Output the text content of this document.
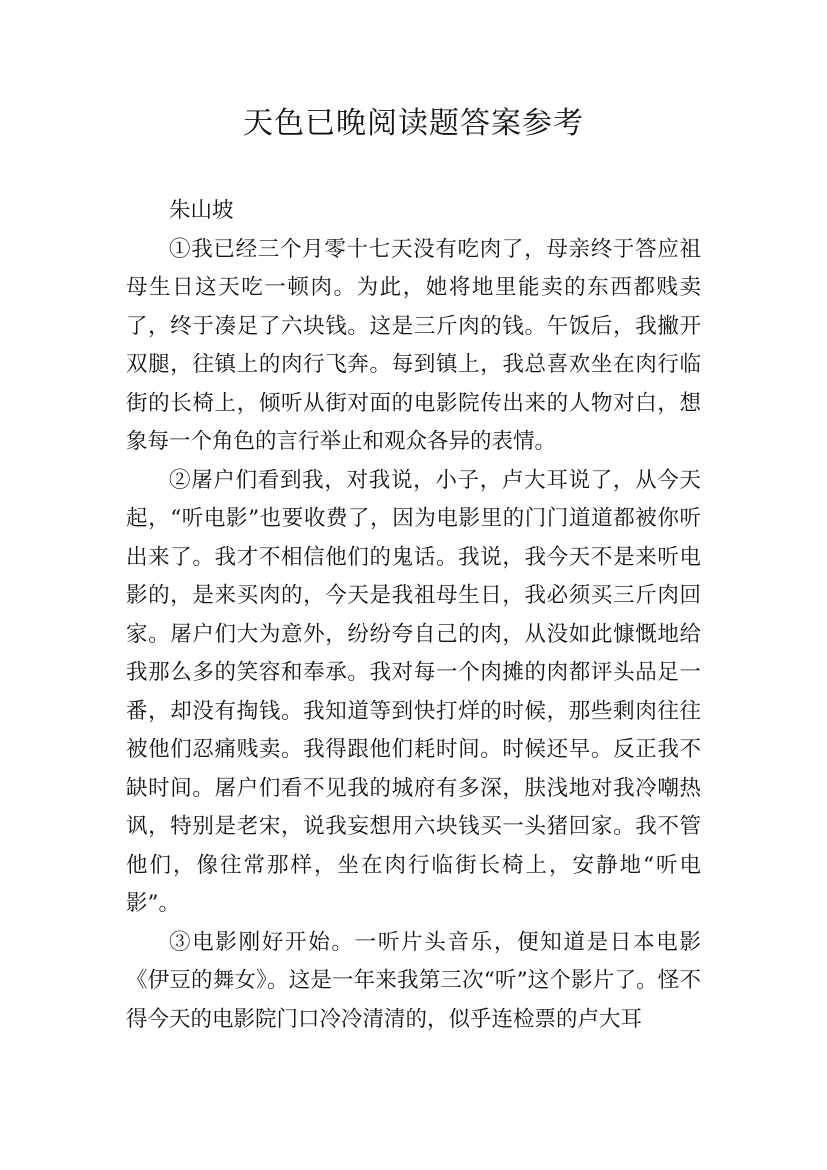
天色已晚阅读题答案参考

朱山坡

①我已经三个月零十七天没有吃肉了，母亲终于答应祖母生日这天吃一顿肉。为此，她将地里能卖的东西都贱卖了，终于凑足了六块钱。这是三斤肉的钱。午饭后，我撇开双腿，往镇上的肉行飞奔。每到镇上，我总喜欢坐在肉行临街的长椅上，倾听从街对面的电影院传出来的人物对白，想象每一个角色的言行举止和观众各异的表情。

②屠户们看到我，对我说，小子，卢大耳说了，从今天起，“听电影”也要收费了，因为电影里的门门道道都被你听出来了。我才不相信他们的鬼话。我说，我今天不是来听电影的，是来买肉的，今天是我祖母生日，我必须买三斤肉回家。屠户们大为意外，纷纷夸自己的肉，从没如此慷慨地给我那么多的笑容和奉承。我对每一个肉摊的肉都评头品足一番，却没有掏钱。我知道等到快打烊的时候，那些剩肉往往被他们忍痛贱卖。我得跟他们耗时间。时候还早。反正我不缺时间。屠户们看不见我的城府有多深，肤浅地对我冷嘲热讽，特别是老宋，说我妄想用六块钱买一头猪回家。我不管他们，像往常那样，坐在肉行临街长椅上，安静地“听电影”。

③电影刚好开始。一听片头音乐，便知道是日本电影《伊豆的舞女》。这是一年来我第三次“听”这个影片了。怪不得今天的电影院门口冷冷清清的，似乎连检票的卢大耳
